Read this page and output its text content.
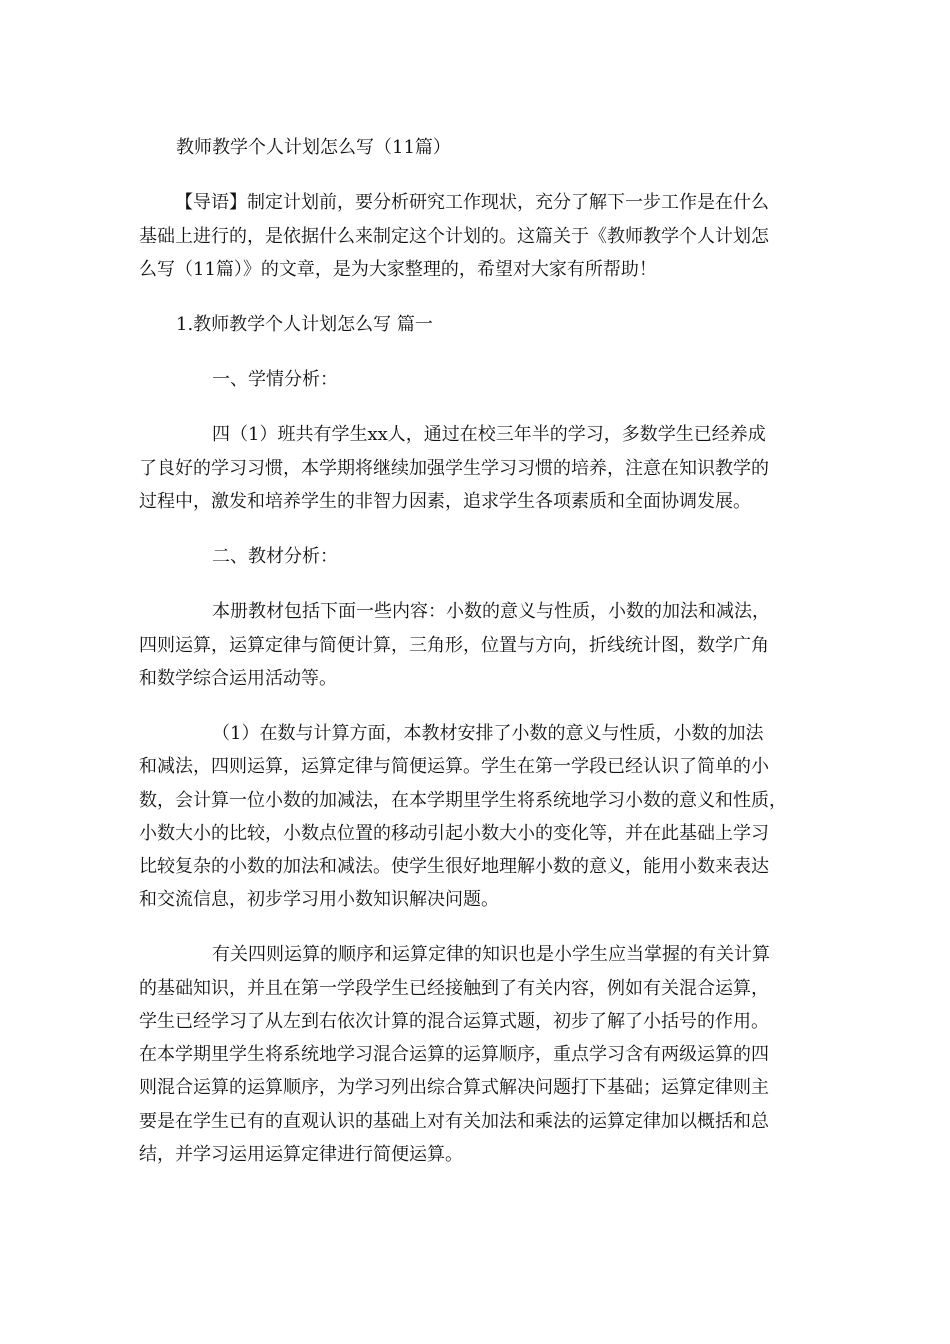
教师教学个人计划怎么写（11篇）
【导语】制定计划前，要分析研究工作现状，充分了解下一步工作是在什么
基础上进行的，是依据什么来制定这个计划的。这篇关于《教师教学个人计划怎
么写（11篇）》的文章，是为大家整理的，希望对大家有所帮助！
1.教师教学个人计划怎么写 篇一
一、学情分析：
四（1）班共有学生xx人，通过在校三年半的学习，多数学生已经养成
了良好的学习习惯，本学期将继续加强学生学习习惯的培养，注意在知识教学的
过程中，激发和培养学生的非智力因素，追求学生各项素质和全面协调发展。
二、教材分析：
本册教材包括下面一些内容：小数的意义与性质，小数的加法和减法，
四则运算，运算定律与简便计算，三角形，位置与方向，折线统计图，数学广角
和数学综合运用活动等。
（1）在数与计算方面，本教材安排了小数的意义与性质，小数的加法
和减法，四则运算，运算定律与简便运算。学生在第一学段已经认识了简单的小
数，会计算一位小数的加减法，在本学期里学生将系统地学习小数的意义和性质，
小数大小的比较，小数点位置的移动引起小数大小的变化等，并在此基础上学习
比较复杂的小数的加法和减法。使学生很好地理解小数的意义，能用小数来表达
和交流信息，初步学习用小数知识解决问题。
有关四则运算的顺序和运算定律的知识也是小学生应当掌握的有关计算
的基础知识，并且在第一学段学生已经接触到了有关内容，例如有关混合运算，
学生已经学习了从左到右依次计算的混合运算式题，初步了解了小括号的作用。
在本学期里学生将系统地学习混合运算的运算顺序，重点学习含有两级运算的四
则混合运算的运算顺序，为学习列出综合算式解决问题打下基础；运算定律则主
要是在学生已有的直观认识的基础上对有关加法和乘法的运算定律加以概括和总
结，并学习运用运算定律进行简便运算。
